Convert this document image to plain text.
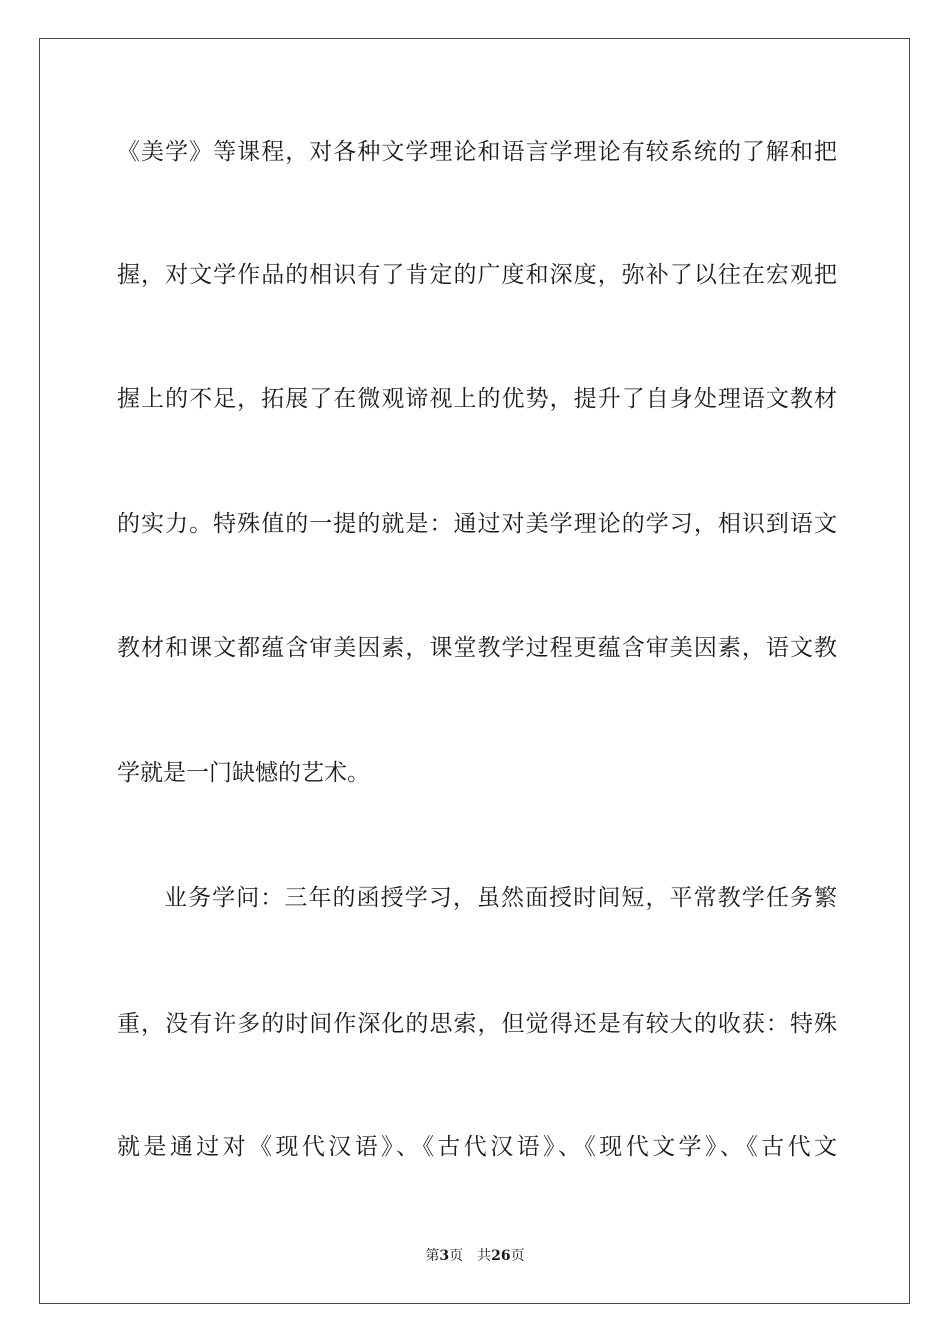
《美学》等课程，对各种文学理论和语言学理论有较系统的了解和把
握，对文学作品的相识有了肯定的广度和深度，弥补了以往在宏观把
握上的不足，拓展了在微观谛视上的优势，提升了自身处理语文教材
的实力。特殊值的一提的就是：通过对美学理论的学习，相识到语文
教材和课文都蕴含审美因素，课堂教学过程更蕴含审美因素，语文教
学就是一门缺憾的艺术。
业务学问：三年的函授学习，虽然面授时间短，平常教学任务繁
重，没有许多的时间作深化的思索，但觉得还是有较大的收获：特殊
就是通过对《现代汉语》、《古代汉语》、《现代文学》、《古代文
第3页 共26页
